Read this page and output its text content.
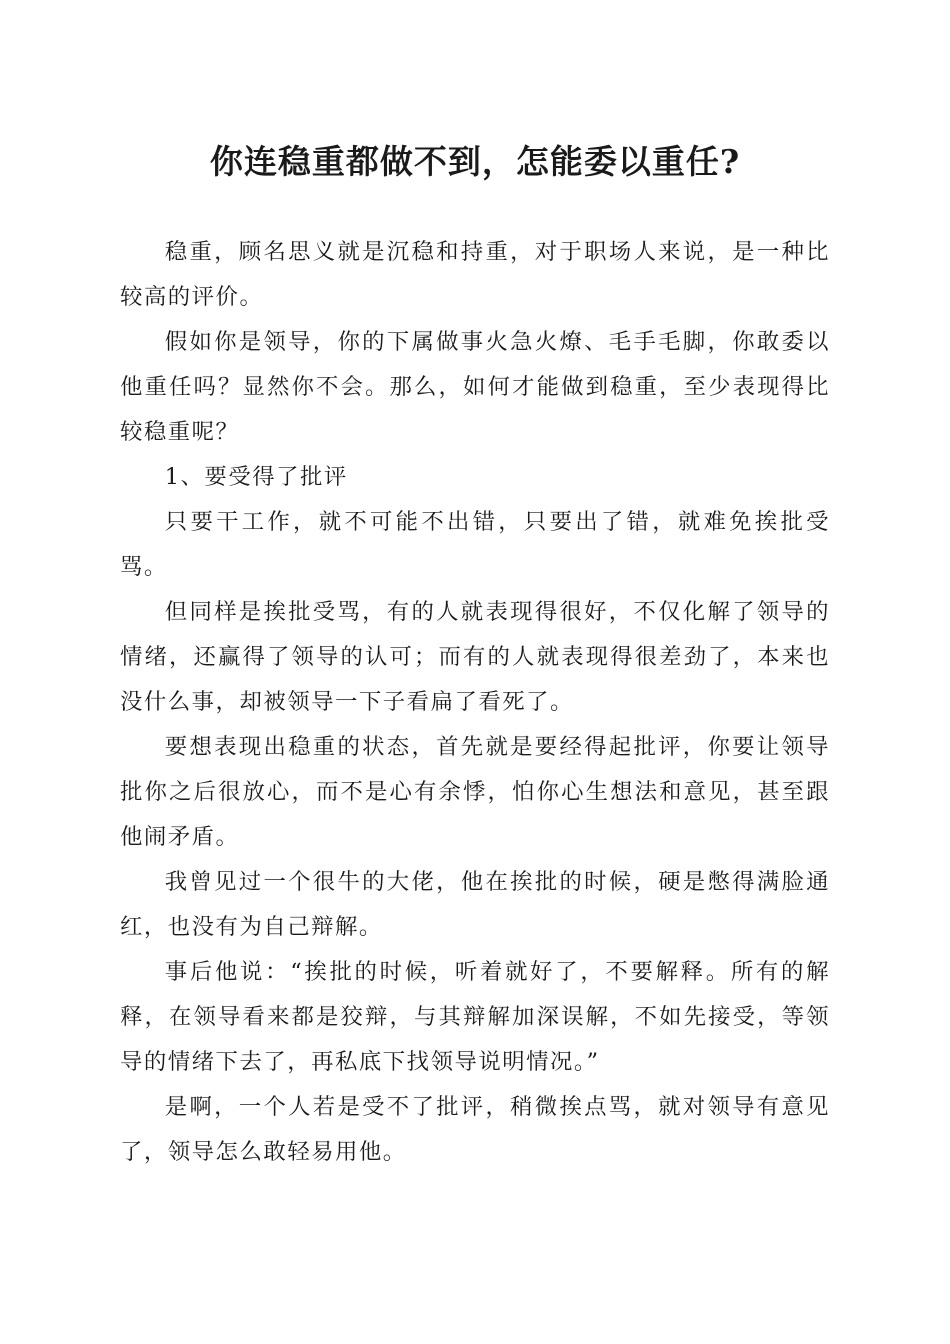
你连稳重都做不到，怎能委以重任?

稳重，顾名思义就是沉稳和持重，对于职场人来说，是一种比较高的评价。

假如你是领导，你的下属做事火急火燎、毛手毛脚，你敢委以他重任吗？显然你不会。那么，如何才能做到稳重，至少表现得比较稳重呢？

1、要受得了批评

只要干工作，就不可能不出错，只要出了错，就难免挨批受骂。

但同样是挨批受骂，有的人就表现得很好，不仅化解了领导的情绪，还赢得了领导的认可；而有的人就表现得很差劲了，本来也没什么事，却被领导一下子看扁了看死了。

要想表现出稳重的状态，首先就是要经得起批评，你要让领导批你之后很放心，而不是心有余悸，怕你心生想法和意见，甚至跟他闹矛盾。

我曾见过一个很牛的大佬，他在挨批的时候，硬是憋得满脸通红，也没有为自己辩解。

事后他说：“挨批的时候，听着就好了，不要解释。所有的解释，在领导看来都是狡辩，与其辩解加深误解，不如先接受，等领导的情绪下去了，再私底下找领导说明情况。”

是啊，一个人若是受不了批评，稍微挨点骂，就对领导有意见了，领导怎么敢轻易用他。
